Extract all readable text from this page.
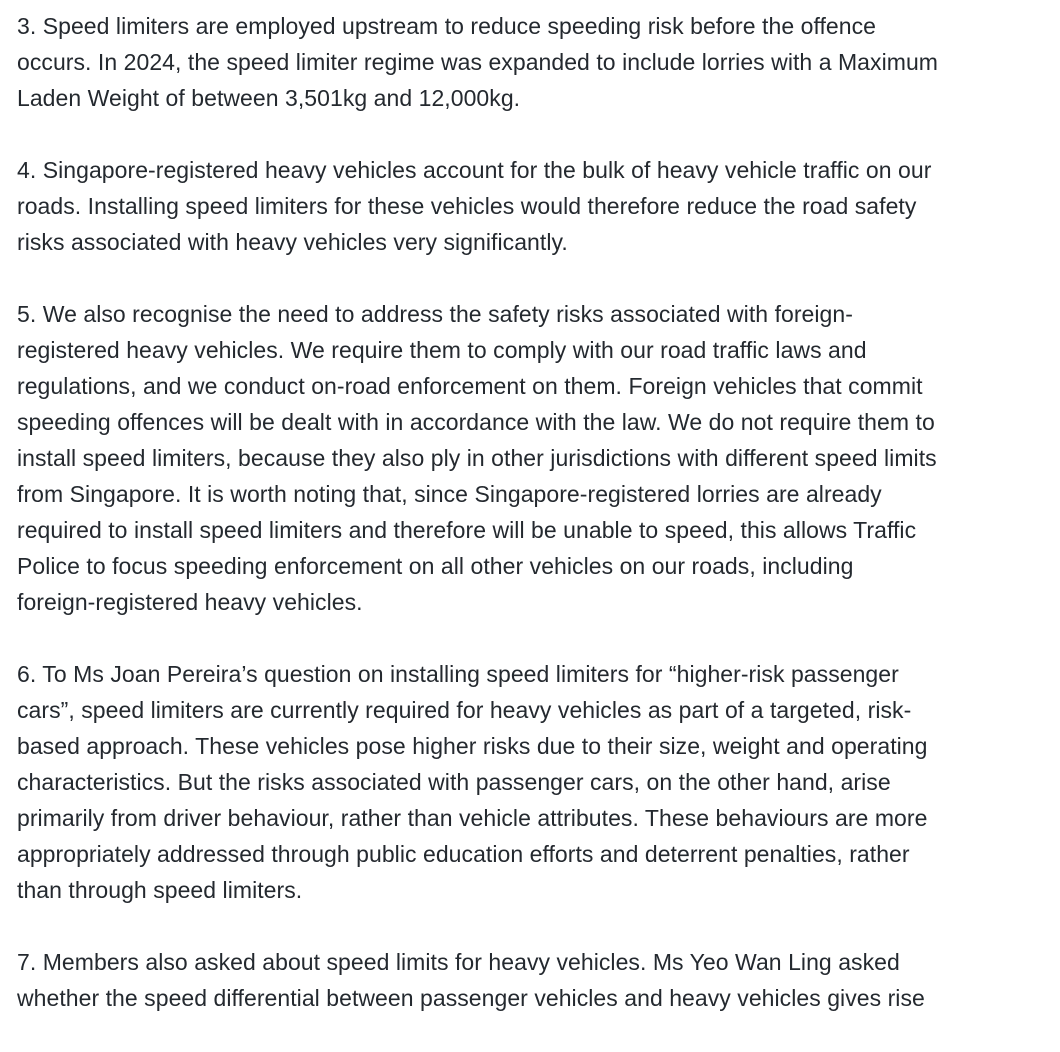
3. Speed limiters are employed upstream to reduce speeding risk before the offence
occurs. In 2024, the speed limiter regime was expanded to include lorries with a Maximum
Laden Weight of between 3,501kg and 12,000kg.

4. Singapore-registered heavy vehicles account for the bulk of heavy vehicle traffic on our
roads. Installing speed limiters for these vehicles would therefore reduce the road safety
risks associated with heavy vehicles very significantly.

5. We also recognise the need to address the safety risks associated with foreign-
registered heavy vehicles. We require them to comply with our road traffic laws and
regulations, and we conduct on-road enforcement on them. Foreign vehicles that commit
speeding offences will be dealt with in accordance with the law. We do not require them to
install speed limiters, because they also ply in other jurisdictions with different speed limits
from Singapore. It is worth noting that, since Singapore-registered lorries are already
required to install speed limiters and therefore will be unable to speed, this allows Traffic
Police to focus speeding enforcement on all other vehicles on our roads, including
foreign-registered heavy vehicles.

6. To Ms Joan Pereira’s question on installing speed limiters for “higher-risk passenger
cars”, speed limiters are currently required for heavy vehicles as part of a targeted, risk-
based approach. These vehicles pose higher risks due to their size, weight and operating
characteristics. But the risks associated with passenger cars, on the other hand, arise
primarily from driver behaviour, rather than vehicle attributes. These behaviours are more
appropriately addressed through public education efforts and deterrent penalties, rather
than through speed limiters.

7. Members also asked about speed limits for heavy vehicles. Ms Yeo Wan Ling asked
whether the speed differential between passenger vehicles and heavy vehicles gives rise
